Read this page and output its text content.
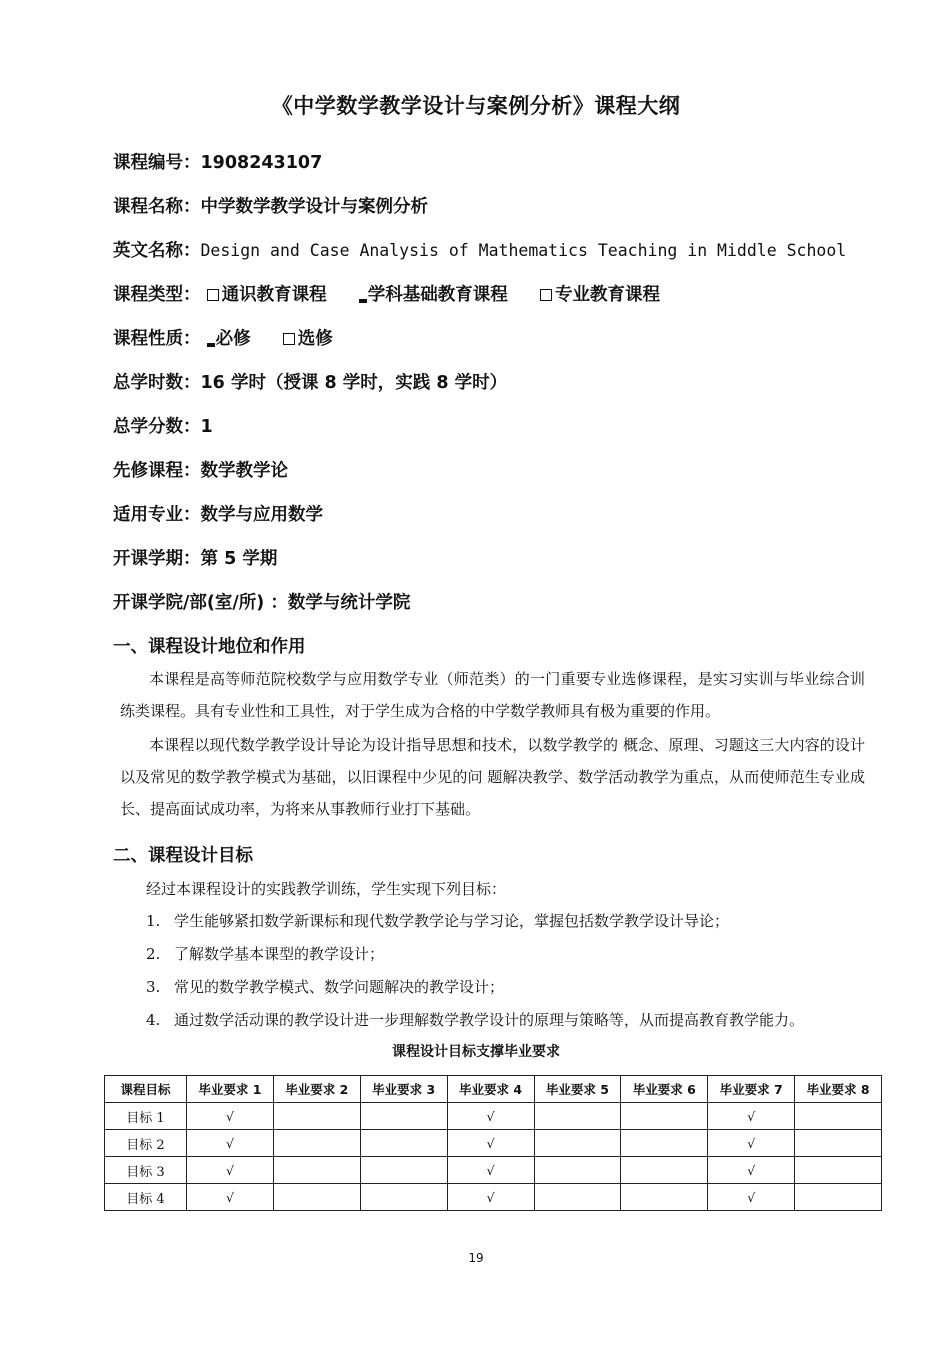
《中学数学教学设计与案例分析》课程大纲
课程编号：1908243107
课程名称：中学数学教学设计与案例分析
英文名称：Design and Case Analysis of Mathematics Teaching in Middle School
课程类型： 通识教育课程 学科基础教育课程	专业教育课程
课程性质： 必修	选修
总学时数：16 学时（授课 8 学时，实践 8 学时）
总学分数：1
先修课程：数学教学论
适用专业：数学与应用数学
开课学期：第 5 学期
开课学院/部(室/所) ：数学与统计学院
一、课程设计地位和作用
本课程是高等师范院校数学与应用数学专业（师范类）的一门重要专业选修课程，是实习实训与毕业综合训练类课程。具有专业性和工具性，对于学生成为合格的中学数学教师具有极为重要的作用。
本课程以现代数学教学设计导论为设计指导思想和技术，以数学教学的 概念、原理、习题这三大内容的设计以及常见的数学教学模式为基础，以旧课程中少见的问 题解决教学、数学活动教学为重点，从而使师范生专业成长、提高面试成功率，为将来从事教师行业打下基础。
二、课程设计目标
经过本课程设计的实践教学训练，学生实现下列目标：
1. 学生能够紧扣数学新课标和现代数学教学论与学习论，掌握包括数学教学设计导论；
2. 了解数学基本课型的教学设计；
3. 常见的数学教学模式、数学问题解决的教学设计；
4. 通过数学活动课的教学设计进一步理解数学教学设计的原理与策略等，从而提高教育教学能力。
课程设计目标支撑毕业要求
课程目标	毕业要求 1	毕业要求 2	毕业要求 3	毕业要求 4	毕业要求 5	毕业要求 6	毕业要求 7	毕业要求 8
目标 1	√			√			√	
目标 2	√			√			√	
目标 3	√			√			√	
目标 4	√			√			√	
19
